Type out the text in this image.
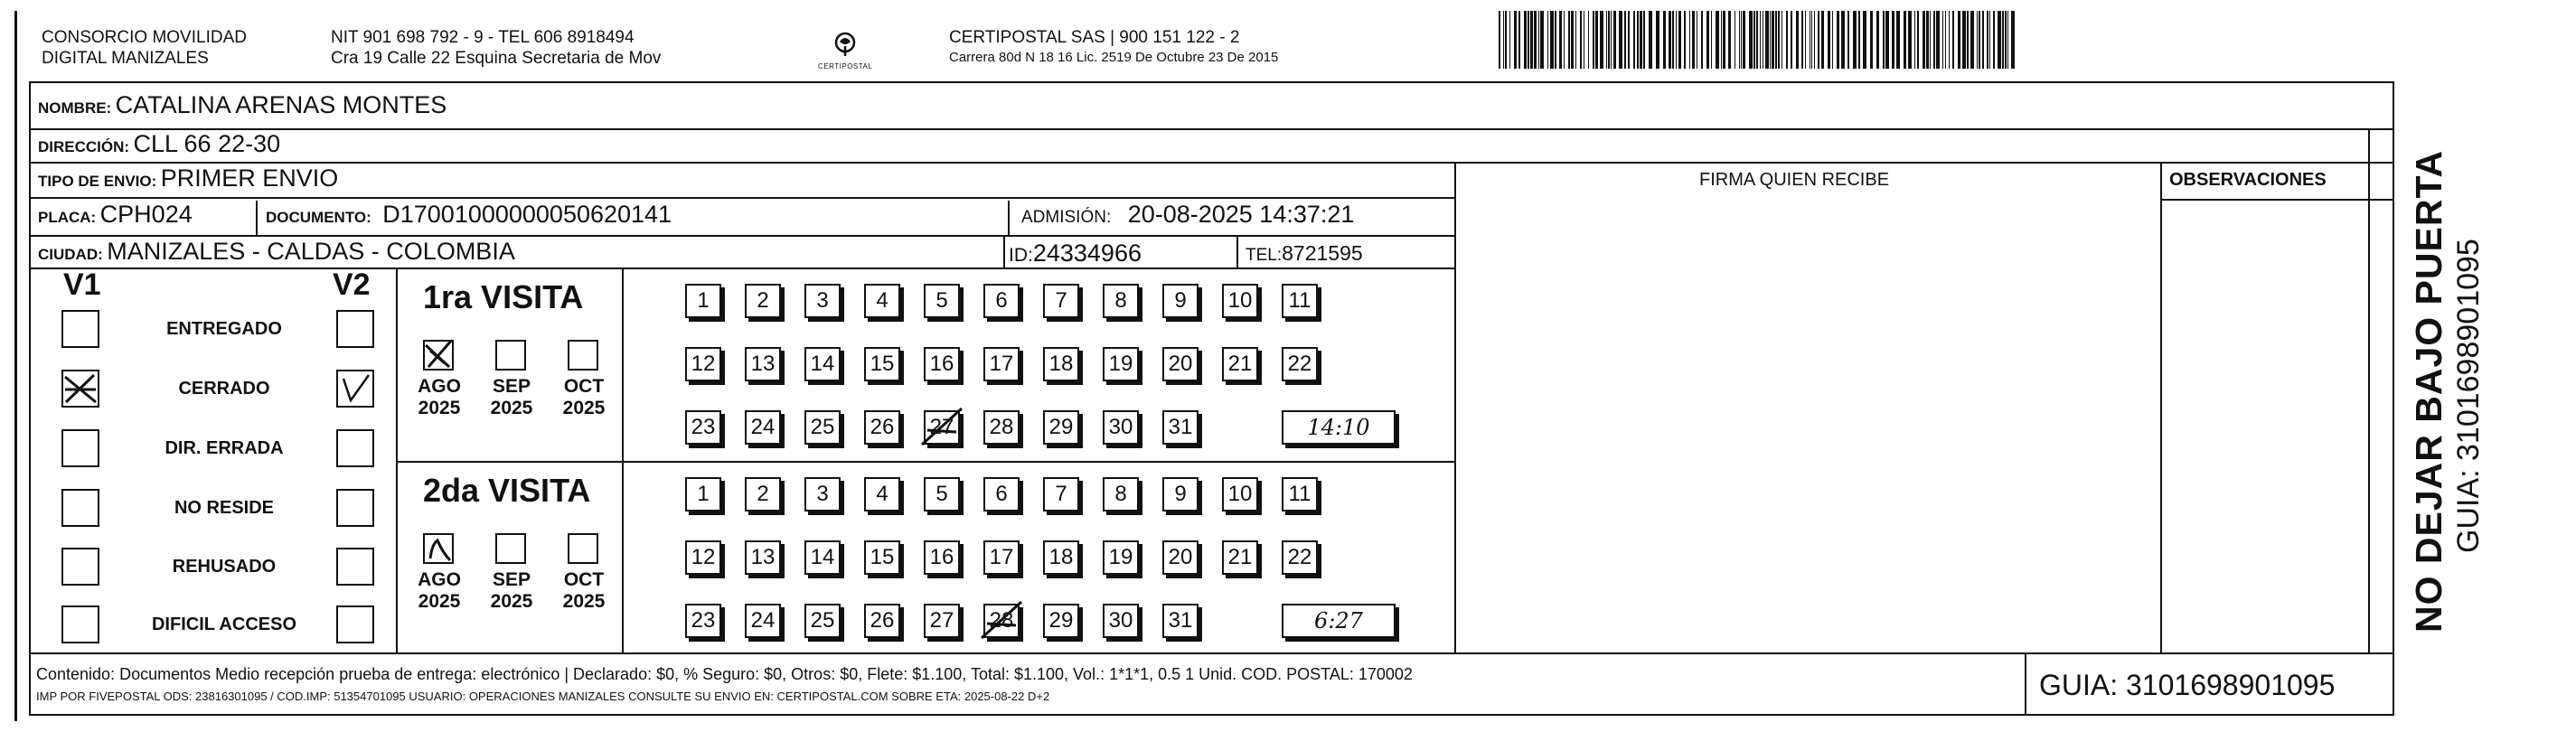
CONSORCIO MOVILIDAD
DIGITAL MANIZALES
NIT 901 698 792 - 9 - TEL 606 8918494
Cra 19 Calle 22 Esquina Secretaria de Mov	CERTIPOSTAL
CERTIPOSTAL SAS | 900 151 122 - 2
Carrera 80d N 18 16 Lic. 2519 De Octubre 23 De 2015
NOMBRE: CATALINA ARENAS MONTES
DIRECCIÓN: CLL 66 22-30
TIPO DE ENVIO: PRIMER ENVIO	FIRMA QUIEN RECIBE	OBSERVACIONES
PLACA: CPH024	DOCUMENTO: D17001000000050620141	ADMISIÓN: 20-08-2025 14:37:21
CIUDAD: MANIZALES - CALDAS - COLOMBIA	ID:24334966	TEL:8721595
V1	V2
ENTREGADO
CERRADO
DIR. ERRADA
NO RESIDE
REHUSADO
DIFICIL ACCESO
1ra VISITA
AGO
2025
SEP
2025
OCT
2025
1	2	3	4	5	6	7	8	9	10	11
12 13 14 15 16 17 18 19 20 21 22
23 24 25 26 27 28 29 30 31	14:10
2da VISITA
AGO
2025
SEP
2025
OCT
2025
1	2	3	4	5	6	7	8	9	10	11
12 13 14 15 16 17 18 19 20 21 22
23 24 25 26 27 28 29 30 31	6:27
Contenido: Documentos Medio recepción prueba de entrega: electrónico | Declarado: $0, % Seguro: $0, Otros: $0, Flete: $1.100, Total: $1.100, Vol.: 1*1*1, 0.5 1 Unid. COD. POSTAL: 170002
IMP POR FIVEPOSTAL ODS: 23816301095 / COD.IMP: 51354701095 USUARIO: OPERACIONES MANIZALES CONSULTE SU ENVIO EN: CERTIPOSTAL.COM SOBRE ETA: 2025-08-22 D+2	GUIA: 3101698901095
NO DEJAR BAJO PUERTA GUIA: 3101698901095
